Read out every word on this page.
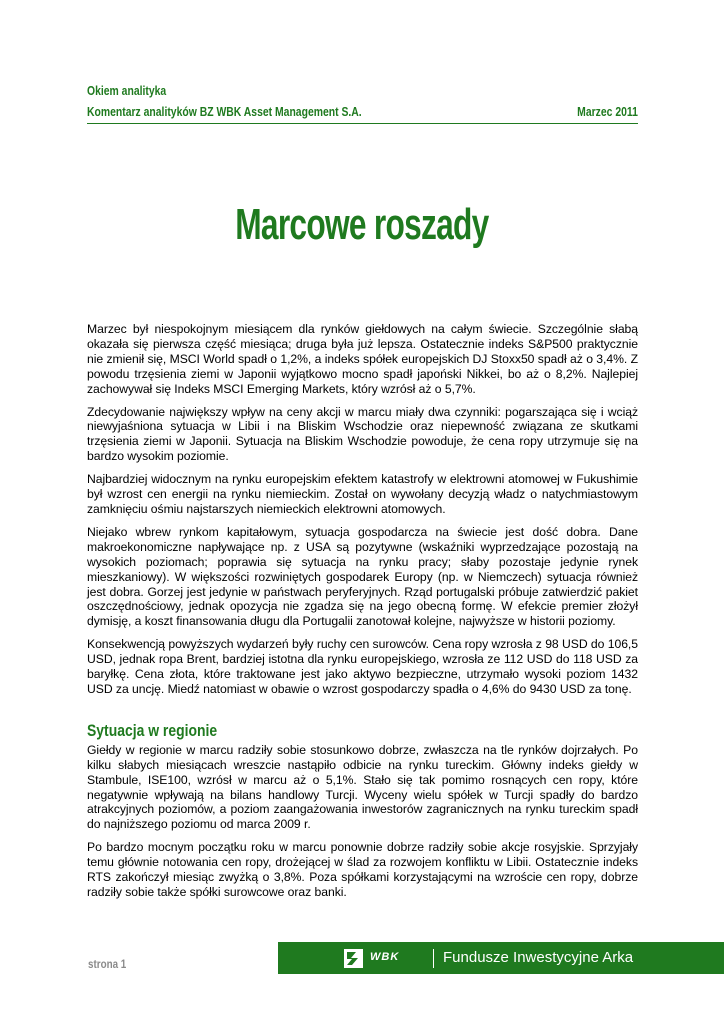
Okiem analityka
Komentarz analityków BZ WBK Asset Management S.A.	Marzec 2011
Marcowe roszady

Marzec był niespokojnym miesiącem dla rynków giełdowych na całym świecie. Szczególnie słabą okazała się pierwsza część miesiąca; druga była już lepsza. Ostatecznie indeks S&P500 praktycznie nie zmienił się, MSCI World spadł o 1,2%, a indeks spółek europejskich DJ Stoxx50 spadł aż o 3,4%. Z powodu trzęsienia ziemi w Japonii wyjątkowo mocno spadł japoński Nikkei, bo aż o 8,2%. Najlepiej zachowywał się Indeks MSCI Emerging Markets, który wzrósł aż o 5,7%.

Zdecydowanie największy wpływ na ceny akcji w marcu miały dwa czynniki: pogarszająca się i wciąż niewyjaśniona sytuacja w Libii i na Bliskim Wschodzie oraz niepewność związana ze skutkami trzęsienia ziemi w Japonii. Sytuacja na Bliskim Wschodzie powoduje, że cena ropy utrzymuje się na bardzo wysokim poziomie.

Najbardziej widocznym na rynku europejskim efektem katastrofy w elektrowni atomowej w Fukushimie był wzrost cen energii na rynku niemieckim. Został on wywołany decyzją władz o natychmiastowym zamknięciu ośmiu najstarszych niemieckich elektrowni atomowych.

Niejako wbrew rynkom kapitałowym, sytuacja gospodarcza na świecie jest dość dobra. Dane makroekonomiczne napływające np. z USA są pozytywne (wskaźniki wyprzedzające pozostają na wysokich poziomach; poprawia się sytuacja na rynku pracy; słaby pozostaje jedynie rynek mieszkaniowy). W większości rozwiniętych gospodarek Europy (np. w Niemczech) sytuacja również jest dobra. Gorzej jest jedynie w państwach peryferyjnych. Rząd portugalski próbuje zatwierdzić pakiet oszczędnościowy, jednak opozycja nie zgadza się na jego obecną formę. W efekcie premier złożył dymisję, a koszt finansowania długu dla Portugalii zanotował kolejne, najwyższe w historii poziomy.

Konsekwencją powyższych wydarzeń były ruchy cen surowców. Cena ropy wzrosła z 98 USD do 106,5 USD, jednak ropa Brent, bardziej istotna dla rynku europejskiego, wzrosła ze 112 USD do 118 USD za baryłkę. Cena złota, które traktowane jest jako aktywo bezpieczne, utrzymało wysoki poziom 1432 USD za uncję. Miedź natomiast w obawie o wzrost gospodarczy spadła o 4,6% do 9430 USD za tonę.

Sytuacja w regionie

Giełdy w regionie w marcu radziły sobie stosunkowo dobrze, zwłaszcza na tle rynków dojrzałych. Po kilku słabych miesiącach wreszcie nastąpiło odbicie na rynku tureckim. Główny indeks giełdy w Stambule, ISE100, wzrósł w marcu aż o 5,1%. Stało się tak pomimo rosnących cen ropy, które negatywnie wpływają na bilans handlowy Turcji. Wyceny wielu spółek w Turcji spadły do bardzo atrakcyjnych poziomów, a poziom zaangażowania inwestorów zagranicznych na rynku tureckim spadł do najniższego poziomu od marca 2009 r.

Po bardzo mocnym początku roku w marcu ponownie dobrze radziły sobie akcje rosyjskie. Sprzyjały temu głównie notowania cen ropy, drożejącej w ślad za rozwojem konfliktu w Libii. Ostatecznie indeks RTS zakończył miesiąc zwyżką o 3,8%. Poza spółkami korzystającymi na wzroście cen ropy, dobrze radziły sobie także spółki surowcowe oraz banki.

strona 1	WBK	Fundusze Inwestycyjne Arka
